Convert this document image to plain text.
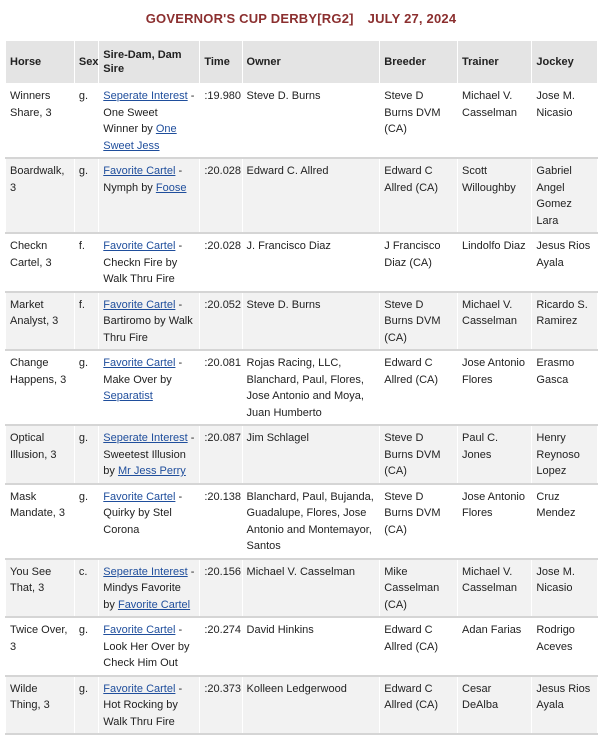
GOVERNOR'S CUP DERBY[RG2] JULY 27, 2024
Horse	Sex	Sire-Dam, Dam Sire	Time	Owner	Breeder	Trainer	Jockey
Winners Share, 3	g.	Seperate Interest - One Sweet Winner by One Sweet Jess	:19.980	Steve D. Burns	Steve D Burns DVM (CA)	Michael V. Casselman	Jose M. Nicasio
Boardwalk, 3	g.	Favorite Cartel - Nymph by Foose	:20.028	Edward C. Allred	Edward C Allred (CA)	Scott Willoughby	Gabriel Angel Gomez Lara
Checkn Cartel, 3	f.	Favorite Cartel - Checkn Fire by Walk Thru Fire	:20.028	J. Francisco Diaz	J Francisco Diaz (CA)	Lindolfo Diaz	Jesus Rios Ayala
Market Analyst, 3	f.	Favorite Cartel - Bartiromo by Walk Thru Fire	:20.052	Steve D. Burns	Steve D Burns DVM (CA)	Michael V. Casselman	Ricardo S. Ramirez
Change Happens, 3	g.	Favorite Cartel - Make Over by Separatist	:20.081	Rojas Racing, LLC, Blanchard, Paul, Flores, Jose Antonio and Moya, Juan Humberto	Edward C Allred (CA)	Jose Antonio Flores	Erasmo Gasca
Optical Illusion, 3	g.	Seperate Interest - Sweetest Illusion by Mr Jess Perry	:20.087	Jim Schlagel	Steve D Burns DVM (CA)	Paul C. Jones	Henry Reynoso Lopez
Mask Mandate, 3	g.	Favorite Cartel - Quirky by Stel Corona	:20.138	Blanchard, Paul, Bujanda, Guadalupe, Flores, Jose Antonio and Montemayor, Santos	Steve D Burns DVM (CA)	Jose Antonio Flores	Cruz Mendez
You See That, 3	c.	Seperate Interest - Mindys Favorite by Favorite Cartel	:20.156	Michael V. Casselman	Mike Casselman (CA)	Michael V. Casselman	Jose M. Nicasio
Twice Over, 3	g.	Favorite Cartel - Look Her Over by Check Him Out	:20.274	David Hinkins	Edward C Allred (CA)	Adan Farias	Rodrigo Aceves
Wilde Thing, 3	g.	Favorite Cartel - Hot Rocking by Walk Thru Fire	:20.373	Kolleen Ledgerwood	Edward C Allred (CA)	Cesar DeAlba	Jesus Rios Ayala
